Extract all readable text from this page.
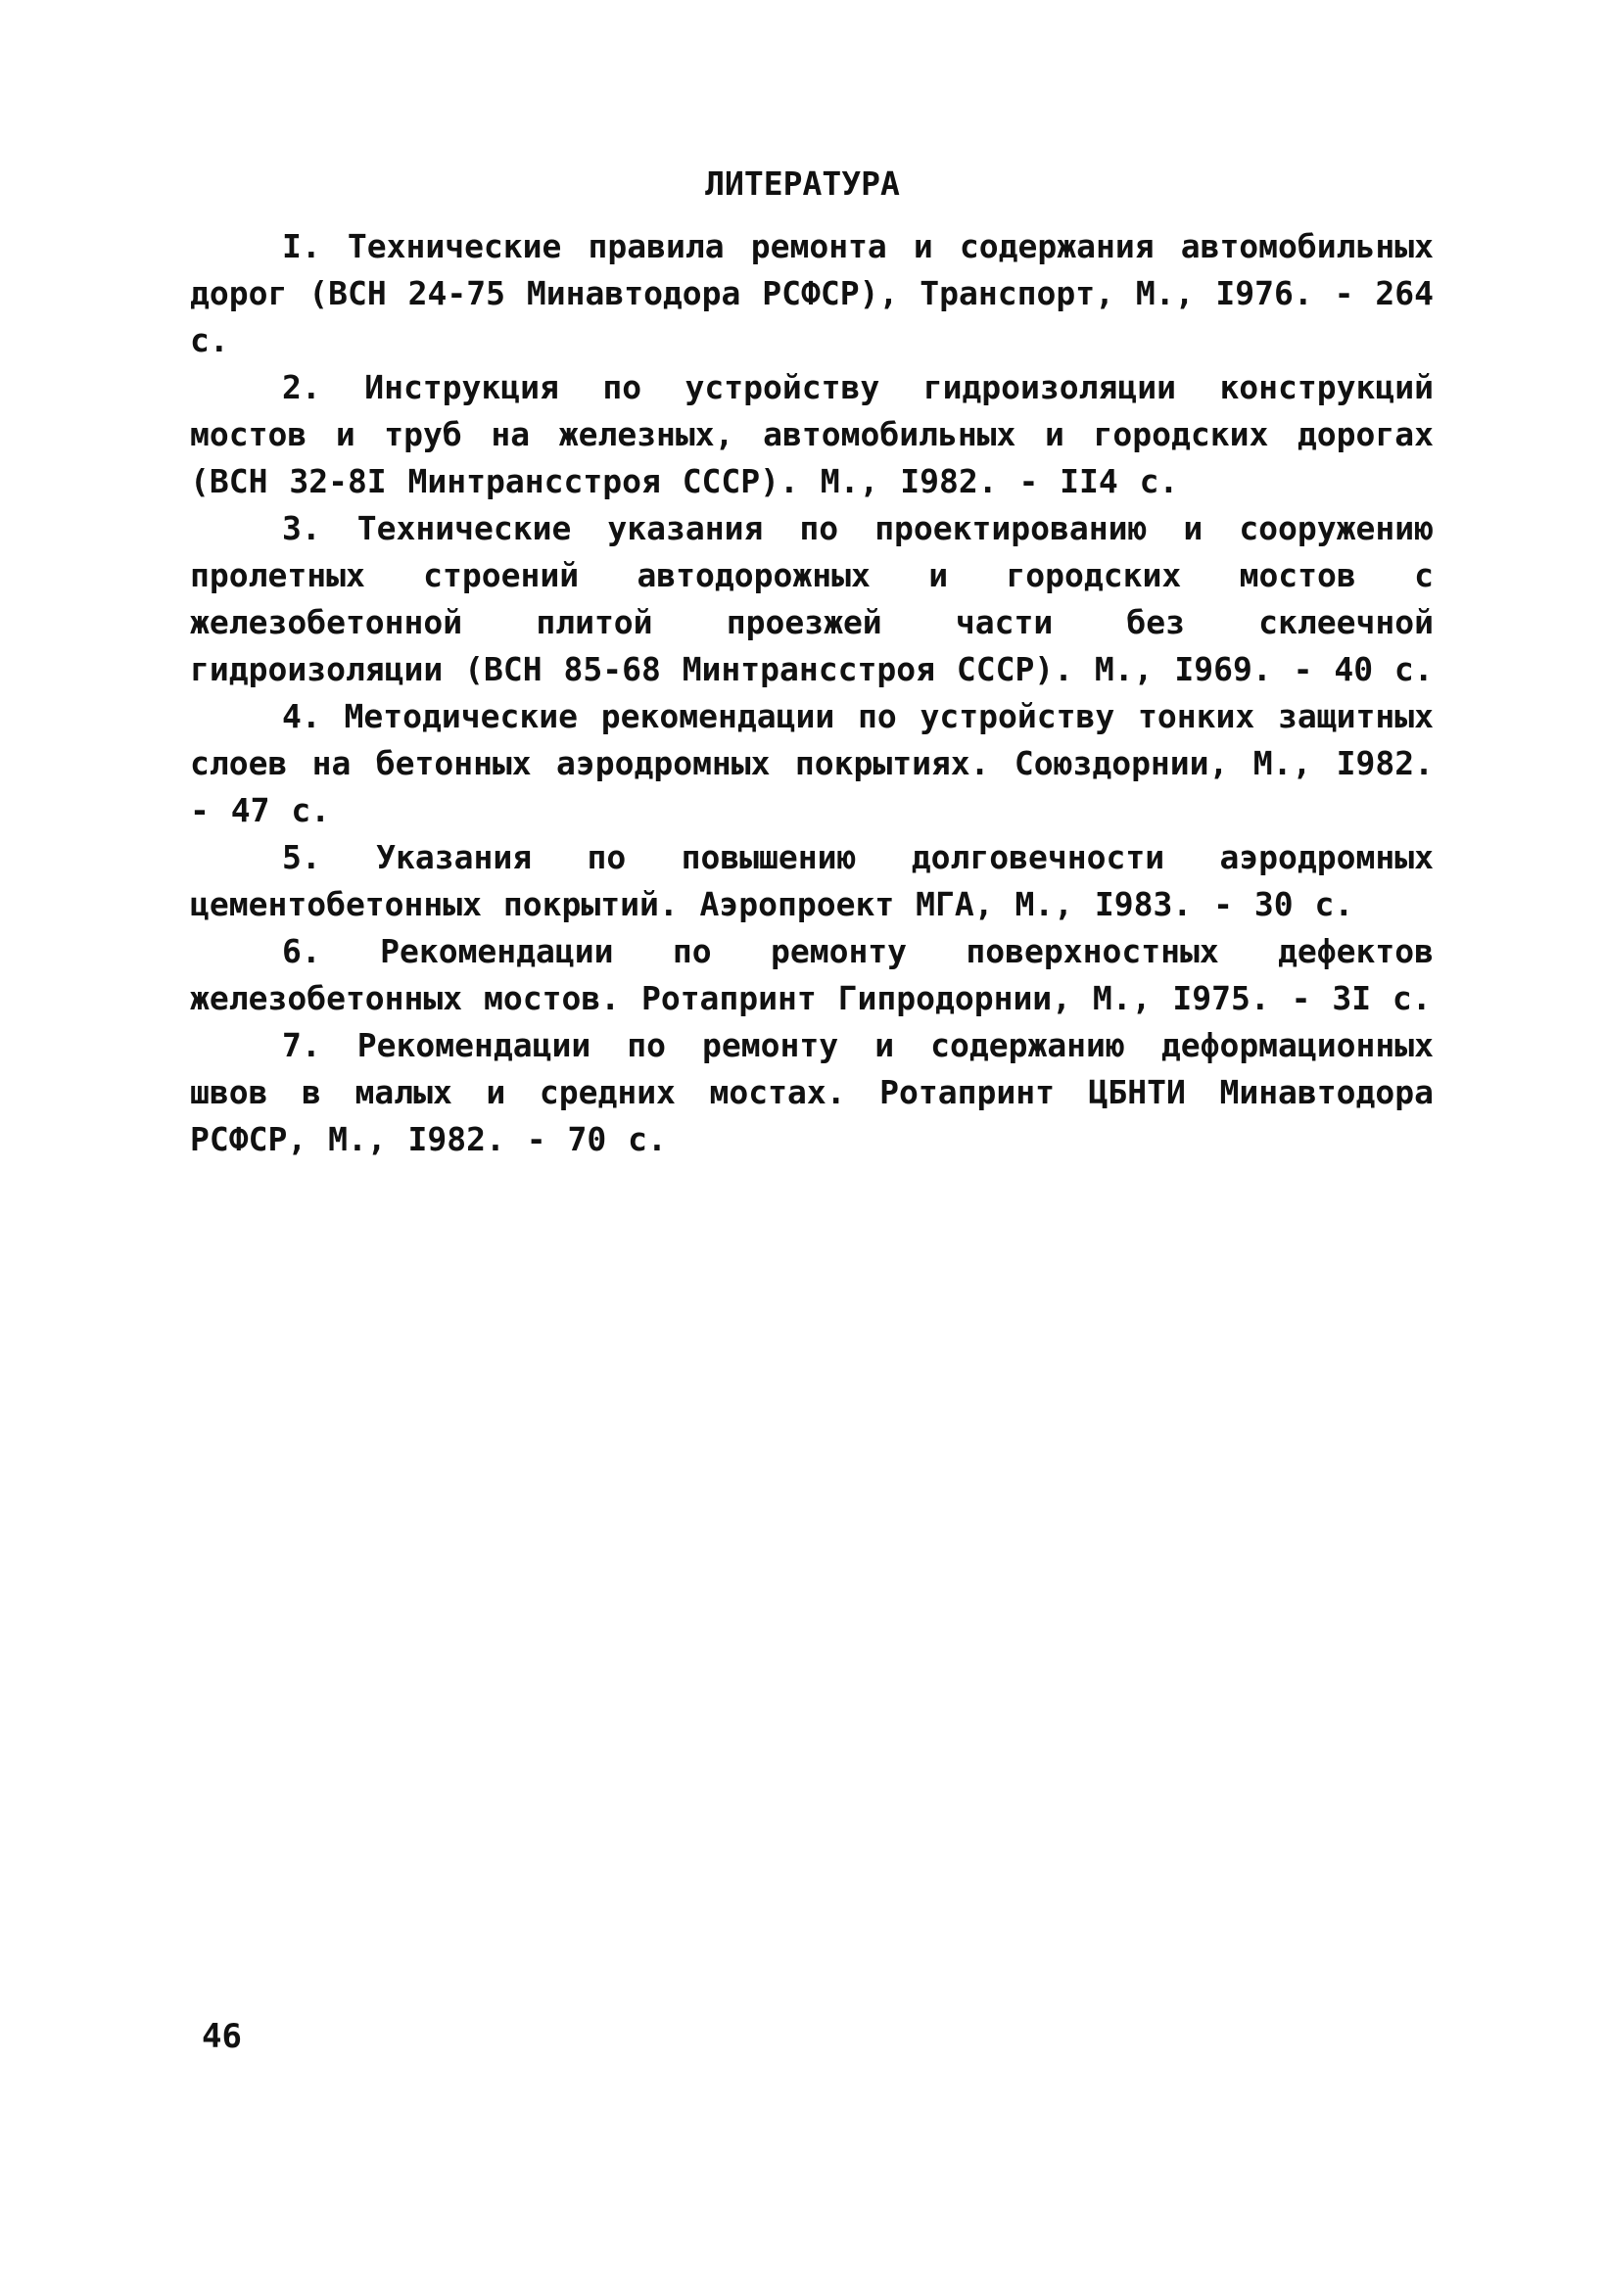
ЛИТЕРАТУРА

I. Технические правила ремонта и содержания автомобильных дорог (ВСН 24-75 Минавтодора РСФСР), Транспорт, М., I976. - 264 с.

2. Инструкция по устройству гидроизоляции конструкций мостов и труб на железных, автомобильных и городских дорогах (ВСН 32-8I Минтрансстроя СССР). М., I982. - II4 с.

3. Технические указания по проектированию и сооружению пролетных строений автодорожных и городских мостов с железобетонной плитой проезжей части без склеечной гидроизоляции (ВСН 85-68 Минтрансстроя СССР). М., I969. - 40 с.

4. Методические рекомендации по устройству тонких защитных слоев на бетонных аэродромных покрытиях. Союздорнии, М., I982. - 47 с.

5. Указания по повышению долговечности аэродромных цементобетонных покрытий. Аэропроект МГА, М., I983. - 30 с.

6. Рекомендации по ремонту поверхностных дефектов железобетонных мостов. Ротапринт Гипродорнии, М., I975. - 3I с.

7. Рекомендации по ремонту и содержанию деформационных швов в малых и средних мостах. Ротапринт ЦБНТИ Минавтодора РСФСР, М., I982. - 70 с.

46
